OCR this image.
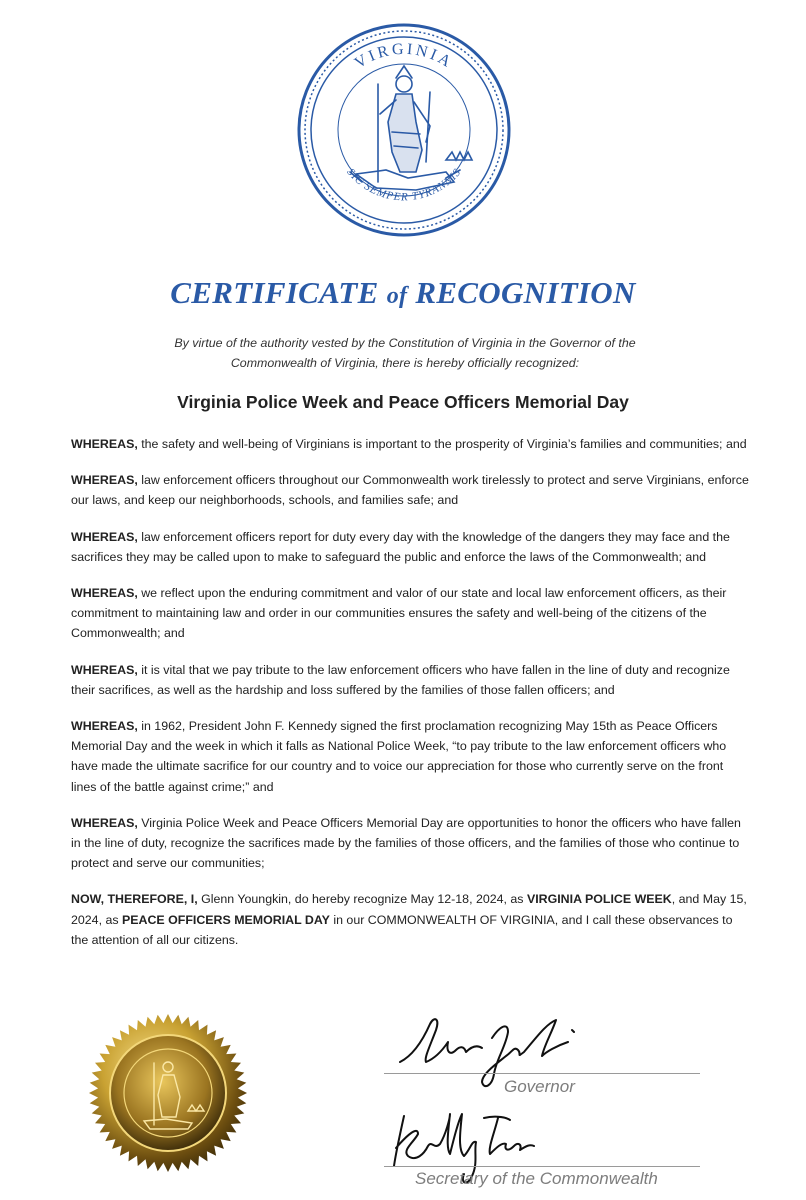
VIRGINIA
SIC SEMPER TYRANNIS
CERTIFICATE of RECOGNITION
By virtue of the authority vested by the Constitution of Virginia in the Governor of the Commonwealth of Virginia, there is hereby officially recognized:
Virginia Police Week and Peace Officers Memorial Day

WHEREAS, the safety and well-being of Virginians is important to the prosperity of Virginia’s families and communities; and

WHEREAS, law enforcement officers throughout our Commonwealth work tirelessly to protect and serve Virginians, enforce our laws, and keep our neighborhoods, schools, and families safe; and

WHEREAS, law enforcement officers report for duty every day with the knowledge of the dangers they may face and the sacrifices they may be called upon to make to safeguard the public and enforce the laws of the Commonwealth; and

WHEREAS, we reflect upon the enduring commitment and valor of our state and local law enforcement officers, as their commitment to maintaining law and order in our communities ensures the safety and well-being of the citizens of the Commonwealth; and

WHEREAS, it is vital that we pay tribute to the law enforcement officers who have fallen in the line of duty and recognize their sacrifices, as well as the hardship and loss suffered by the families of those fallen officers; and

WHEREAS, in 1962, President John F. Kennedy signed the first proclamation recognizing May 15th as Peace Officers Memorial Day and the week in which it falls as National Police Week, “to pay tribute to the law enforcement officers who have made the ultimate sacrifice for our country and to voice our appreciation for those who currently serve on the front lines of the battle against crime;” and

WHEREAS, Virginia Police Week and Peace Officers Memorial Day are opportunities to honor the officers who have fallen in the line of duty, recognize the sacrifices made by the families of those officers, and the families of those who continue to protect and serve our communities;

NOW, THEREFORE, I, Glenn Youngkin, do hereby recognize May 12-18, 2024, as VIRGINIA POLICE WEEK, and May 15, 2024, as PEACE OFFICERS MEMORIAL DAY in our COMMONWEALTH OF VIRGINIA, and I call these observances to the attention of all our citizens.

Governor
Secretary of the Commonwealth
